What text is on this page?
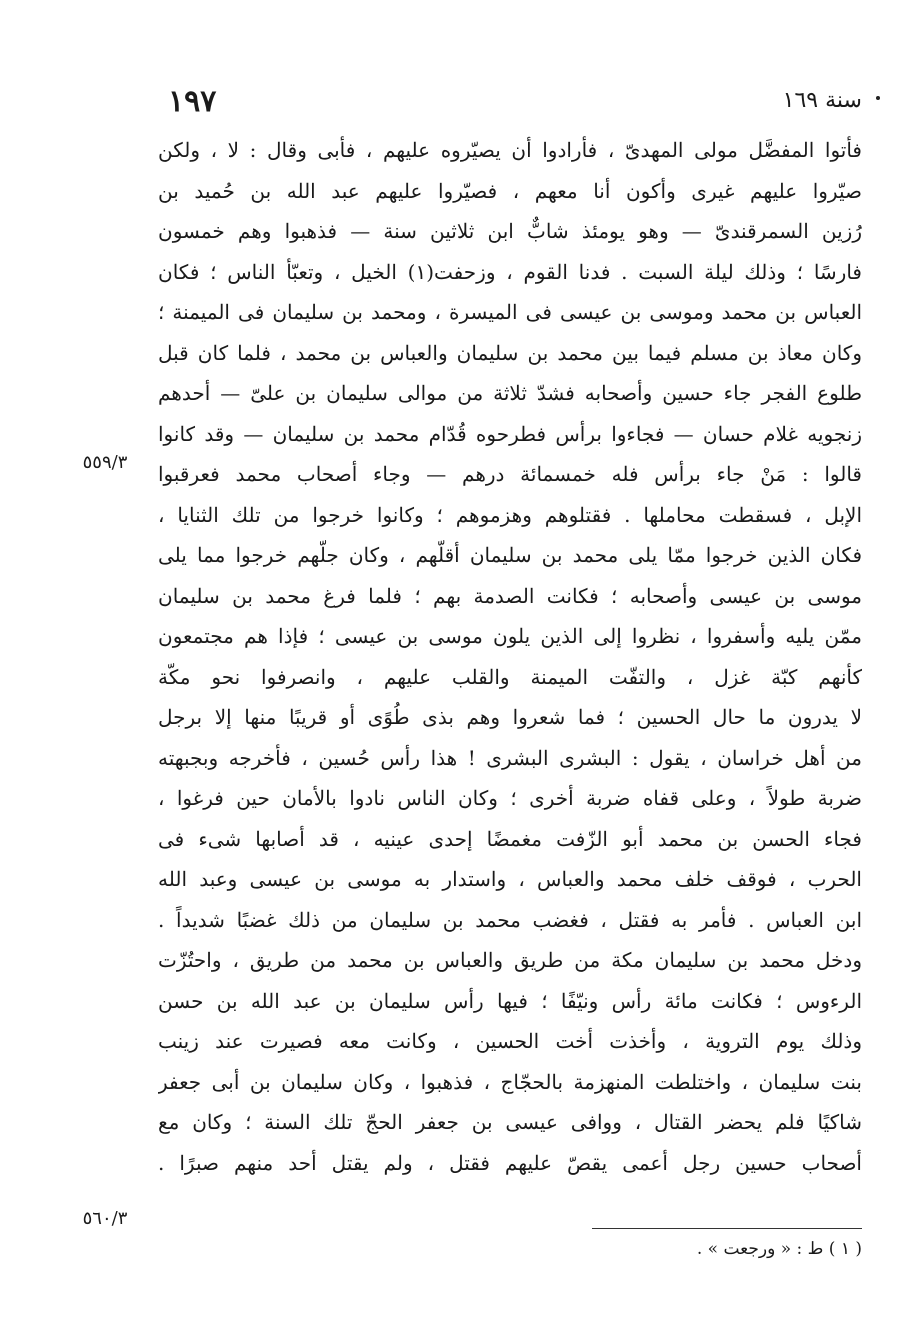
١٩٧	سنة ١٦٩
فأتوا المفضَّل مولى المهدىّ ، فأرادوا أن يصيّروه عليهم ، فأبى وقال : لا ، ولكن
صيّروا عليهم غيرى وأكون أنا معهم ، فصيّروا عليهم عبد الله بن حُميد بن
رُزين السمرقندىّ — وهو يومئذ شابٌّ ابن ثلاثين سنة — فذهبوا وهم خمسون
فارسًا ؛ وذلك ليلة السبت . فدنا القوم ، وزحفت(١) الخيل ، وتعبّأ الناس ؛ فكان
العباس بن محمد وموسى بن عيسى فى الميسرة ، ومحمد بن سليمان فى الميمنة ؛
وكان معاذ بن مسلم فيما بين محمد بن سليمان والعباس بن محمد ، فلما كان قبل
طلوع الفجر جاء حسين وأصحابه فشدّ ثلاثة من موالى سليمان بن علىّ — أحدهم
زنجويه غلام حسان — فجاءوا برأس فطرحوه قُدّام محمد بن سليمان — وقد كانوا
قالوا : مَنْ جاء برأس فله خمسمائة درهم — وجاء أصحاب محمد فعرقبوا
الإبل ، فسقطت محاملها . فقتلوهم وهزموهم ؛ وكانوا خرجوا من تلك الثنايا ،
فكان الذين خرجوا ممّا يلى محمد بن سليمان أقلّهم ، وكان جلّهم خرجوا مما يلى
موسى بن عيسى وأصحابه ؛ فكانت الصدمة بهم ؛ فلما فرغ محمد بن سليمان
ممّن يليه وأسفروا ، نظروا إلى الذين يلون موسى بن عيسى ؛ فإذا هم مجتمعون
كأنهم كبّة غزل ، والتفّت الميمنة والقلب عليهم ، وانصرفوا نحو مكّة
لا يدرون ما حال الحسين ؛ فما شعروا وهم بذى طُوًى أو قريبًا منها إلا برجل
من أهل خراسان ، يقول : البشرى البشرى ! هذا رأس حُسين ، فأخرجه وبجبهته
ضربة طولاً ، وعلى قفاه ضربة أخرى ؛ وكان الناس نادوا بالأمان حين فرغوا ،
فجاء الحسن بن محمد أبو الزّفت مغمضًا إحدى عينيه ، قد أصابها شىء فى
الحرب ، فوقف خلف محمد والعباس ، واستدار به موسى بن عيسى وعبد الله
ابن العباس . فأمر به فقتل ، فغضب محمد بن سليمان من ذلك غضبًا شديداً .
ودخل محمد بن سليمان مكة من طريق والعباس بن محمد من طريق ، واحتُزّت
الرءوس ؛ فكانت مائة رأس ونيّفًا ؛ فيها رأس سليمان بن عبد الله بن حسن
وذلك يوم التروية ، وأخذت أخت الحسين ، وكانت معه فصيرت عند زينب
بنت سليمان ، واختلطت المنهزمة بالحجّاج ، فذهبوا ، وكان سليمان بن أبى جعفر
شاكيًا فلم يحضر القتال ، ووافى عيسى بن جعفر الحجّ تلك السنة ؛ وكان مع
أصحاب حسين رجل أعمى يقصّ عليهم فقتل ، ولم يقتل أحد منهم صبرًا .
٥٥٩/٣
٥٦٠/٣
( ١ ) ط : « ورجعت » .
